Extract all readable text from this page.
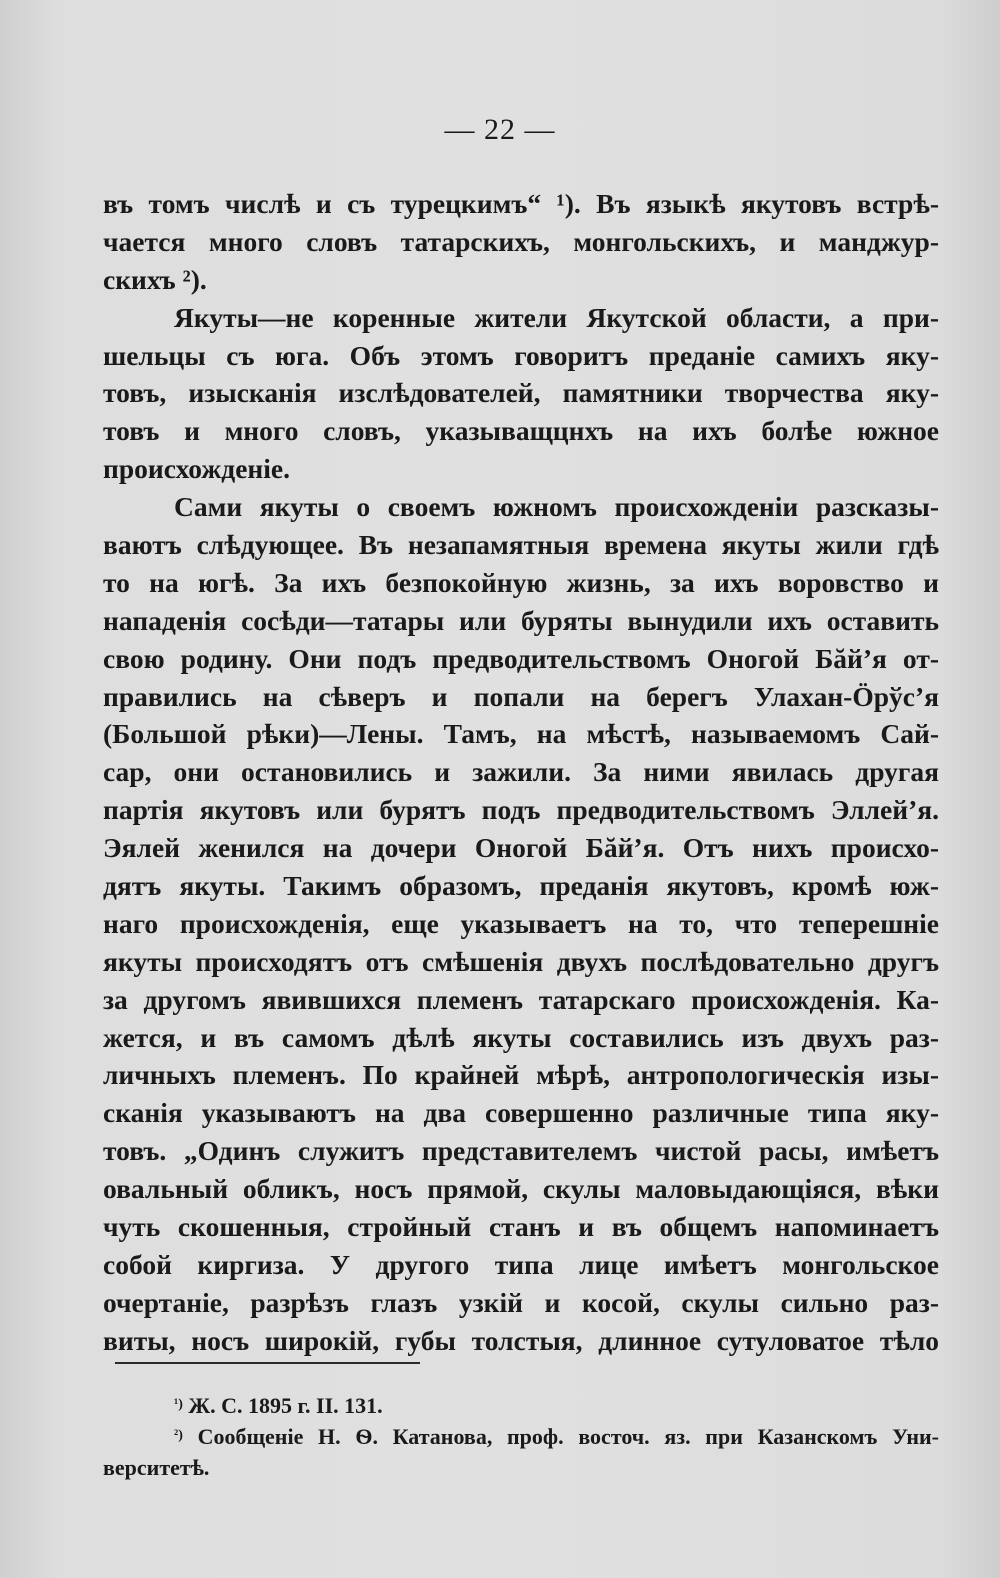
— 22 —
въ томъ числѣ и съ турецкимъ“ ¹). Въ языкѣ якутовъ встрѣ-
чается много словъ татарскихъ, монгольскихъ, и манджур-
скихъ ²).
Якуты—не коренные жители Якутской области, а при-
шельцы съ юга. Объ этомъ говоритъ преданіе самихъ яку-
товъ, изысканія изслѣдователей, памятники творчества яку-
товъ и много словъ, указыващцнхъ на ихъ болѣе южное
происхожденіе.
Сами якуты о своемъ южномъ происхожденіи разсказы-
ваютъ слѣдующее. Въ незапамятныя времена якуты жили гдѣ
то на югѣ. За ихъ безпокойную жизнь, за ихъ воровство и
нападенія сосѣди—татары или буряты вынудили ихъ оставить
свою родину. Они подъ предводительствомъ Оногой Бăй’я от-
правились на сѣверъ и попали на берегъ Улахан-Öрўс’я
(Большой рѣки)—Лены. Тамъ, на мѣстѣ, называемомъ Сай-
сар, они остановились и зажили. За ними явилась другая
партія якутовъ или бурятъ подъ предводительствомъ Эллей’я.
Эялей женился на дочери Оногой Бăй’я. Отъ нихъ происхо-
дятъ якуты. Такимъ образомъ, преданія якутовъ, кромѣ юж-
наго происхожденія, еще указываетъ на то, что теперешніе
якуты происходятъ отъ смѣшенія двухъ послѣдовательно другъ
за другомъ явившихся племенъ татарскаго происхожденія. Ка-
жется, и въ самомъ дѣлѣ якуты составились изъ двухъ раз-
личныхъ племенъ. По крайней мѣрѣ, антропологическія изы-
сканія указываютъ на два совершенно различные типа яку-
товъ. „Одинъ служитъ представителемъ чистой расы, имѣетъ
овальный обликъ, носъ прямой, скулы маловыдающіяся, вѣки
чуть скошенныя, стройный станъ и въ общемъ напоминаетъ
собой киргиза. У другого типа лице имѣетъ монгольское
очертаніе, разрѣзъ глазъ узкій и косой, скулы сильно раз-
виты, носъ широкій, губы толстыя, длинное сутуловатое тѣло
$^{^1)}$ Ж. С. 1895 г. II. 131.
$^{^2)}$ Сообщеніе Н. Ѳ. Катанова, проф. восточ. яз. при Казанскомъ Уни-
верситетѣ.
